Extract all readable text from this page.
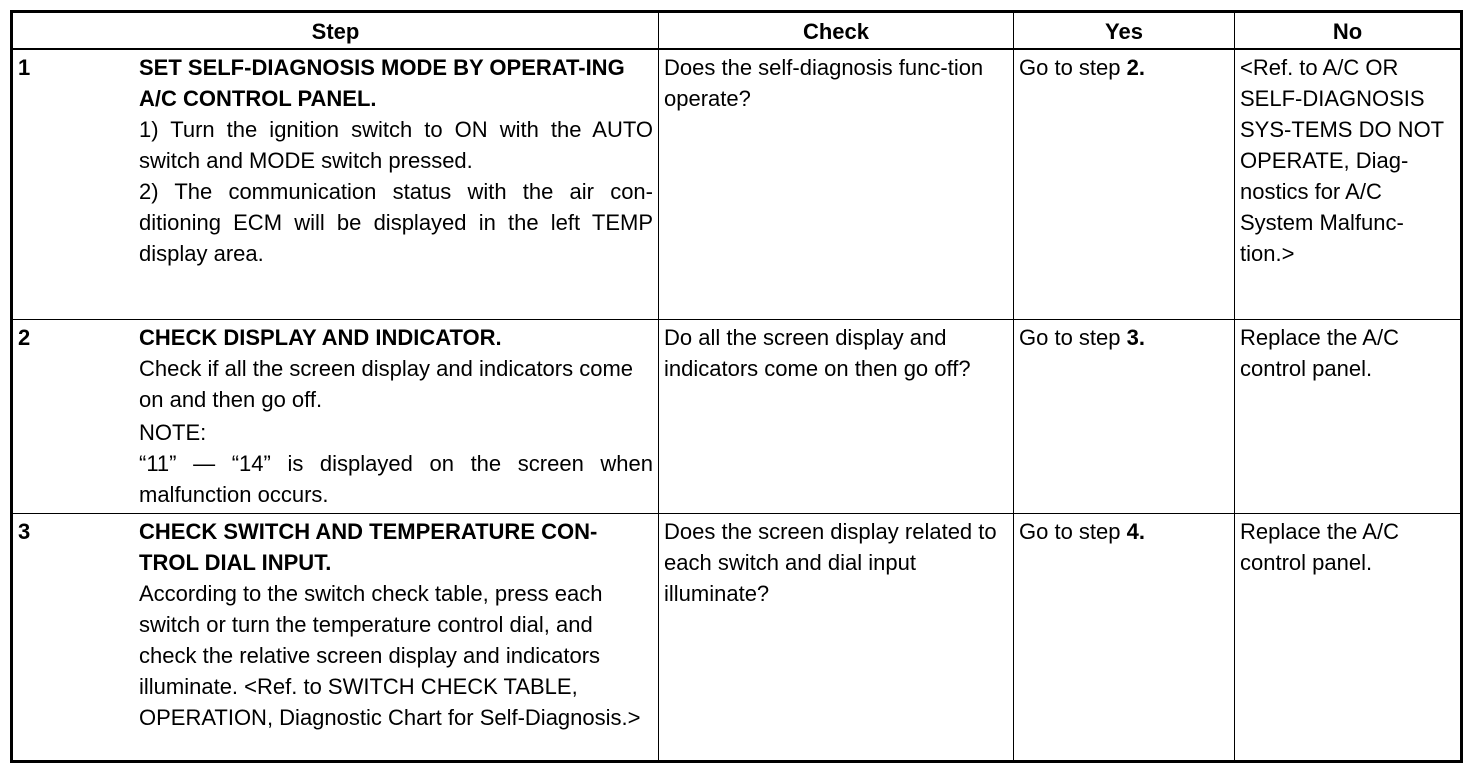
Step	Check	Yes	No

1 SET SELF-DIAGNOSIS MODE BY OPERAT-ING A/C CONTROL PANEL.
1) Turn the ignition switch to ON with the AUTO switch and MODE switch pressed.
2) The communication status with the air con-ditioning ECM will be displayed in the left TEMP display area.	Does the self-diagnosis func-tion operate?	Go to step 2.	<Ref. to A/C OR SELF-DIAGNOSIS SYS-TEMS DO NOT OPERATE, Diag-nostics for A/C System Malfunc-tion.>

2 CHECK DISPLAY AND INDICATOR.
Check if all the screen display and indicators come on and then go off.
NOTE:
“11” — “14” is displayed on the screen when malfunction occurs.	Do all the screen display and indicators come on then go off?	Go to step 3.	Replace the A/C control panel.

3 CHECK SWITCH AND TEMPERATURE CON-TROL DIAL INPUT.
According to the switch check table, press each switch or turn the temperature control dial, and check the relative screen display and indicators illuminate. <Ref. to SWITCH CHECK TABLE, OPERATION, Diagnostic Chart for Self-Diagnosis.>	Does the screen display related to each switch and dial input illuminate?	Go to step 4.	Replace the A/C control panel.
